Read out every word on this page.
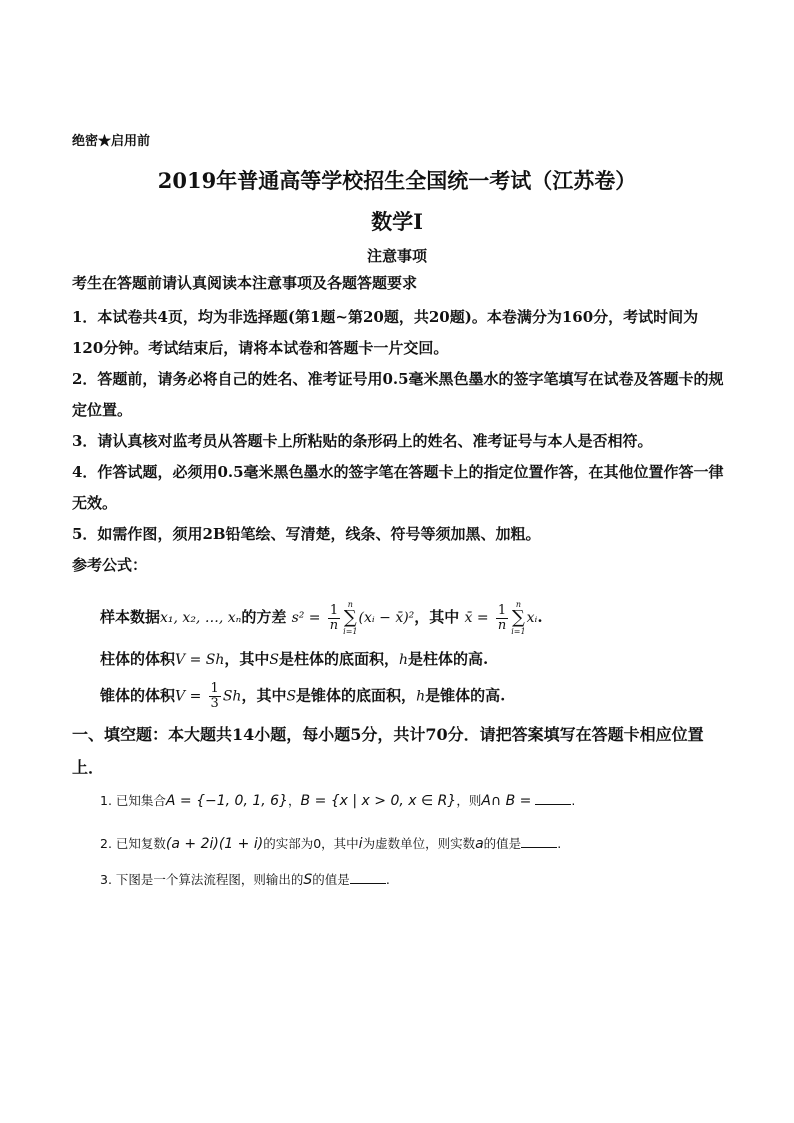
绝密★启用前
2019年普通高等学校招生全国统一考试（江苏卷）
数学Ⅰ
注意事项
考生在答题前请认真阅读本注意事项及各题答题要求

1．本试卷共4页，均为非选择题(第1题~第20题，共20题)。本卷满分为160分，考试时间为120分钟。考试结束后，请将本试卷和答题卡一片交回。

2．答题前，请务必将自己的姓名、准考证号用0.5毫米黑色墨水的签字笔填写在试卷及答题卡的规定位置。

3．请认真核对监考员从答题卡上所粘贴的条形码上的姓名、准考证号与本人是否相符。

4．作答试题，必须用0.5毫米黑色墨水的签字笔在答题卡上的指定位置作答，在其他位置作答一律无效。

5．如需作图，须用2B铅笔绘、写清楚，线条、符号等须加黑、加粗。

参考公式：
样本数据x₁, x₂, …, xₙ的方差 $s^2 = \frac{1}{n}$ n
∑
i=1
(xᵢ − x̄)²，其中 x̄ = $\frac{1}{n}$ n
∑
i=1
xᵢ.
柱体的体积V = Sh，其中S是柱体的底面积，h是柱体的高.
锥体的体积$V = \frac{1}{3}$ Sh，其中S是锥体的底面积，h是锥体的高.
一、填空题：本大题共14小题，每小题5分，共计70分．请把答案填写在答题卡相应位置上．
1. 已知集合A = {−1, 0, 1, 6}，B = {x | x > 0, x ∈ R}，则A∩ B =	.
2. 已知复数(a + 2i)(1 + i)的实部为0，其中i为虚数单位，则实数a的值是	.
3. 下图是一个算法流程图，则输出的S的值是	.
